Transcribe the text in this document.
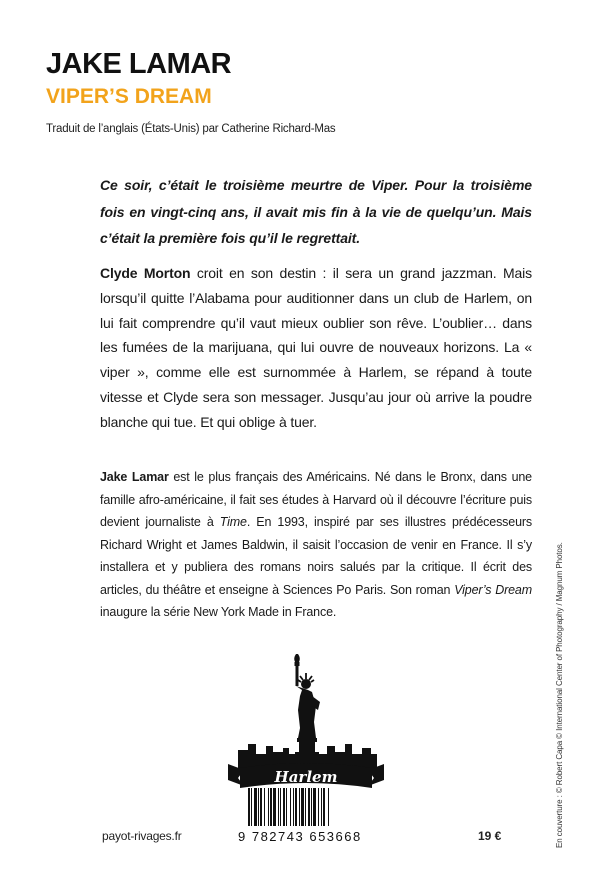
JAKE LAMAR
VIPER’S DREAM
Traduit de l’anglais (États-Unis) par Catherine Richard-Mas

Ce soir, c’était le troisième meurtre de Viper. Pour la troisième fois en vingt-cinq ans, il avait mis fin à la vie de quelqu’un. Mais c’était la première fois qu’il le regrettait.

Clyde Morton croit en son destin : il sera un grand jazzman. Mais lorsqu’il quitte l’Alabama pour auditionner dans un club de Harlem, on lui fait comprendre qu’il vaut mieux oublier son rêve. L’oublier… dans les fumées de la marijuana, qui lui ouvre de nouveaux horizons. La « viper », comme elle est surnommée à Harlem, se répand à toute vitesse et Clyde sera son messager. Jusqu’au jour où arrive la poudre blanche qui tue. Et qui oblige à tuer.

Jake Lamar est le plus français des Américains. Né dans le Bronx, dans une famille afro-américaine, il fait ses études à Harvard où il découvre l’écriture puis devient journaliste à Time. En 1993, inspiré par ses illustres prédécesseurs Richard Wright et James Baldwin, il saisit l’occasion de venir en France. Il s’y installera et y publiera des romans noirs salués par la critique. Il écrit des articles, du théâtre et enseigne à Sciences Po Paris. Son roman Viper’s Dream inaugure la série New York Made in France.	En couverture : © Robert Capa © International Center of Photography / Magnum Photos.
Harlem
9 782743 653668
payot-rivages.fr	19 €
